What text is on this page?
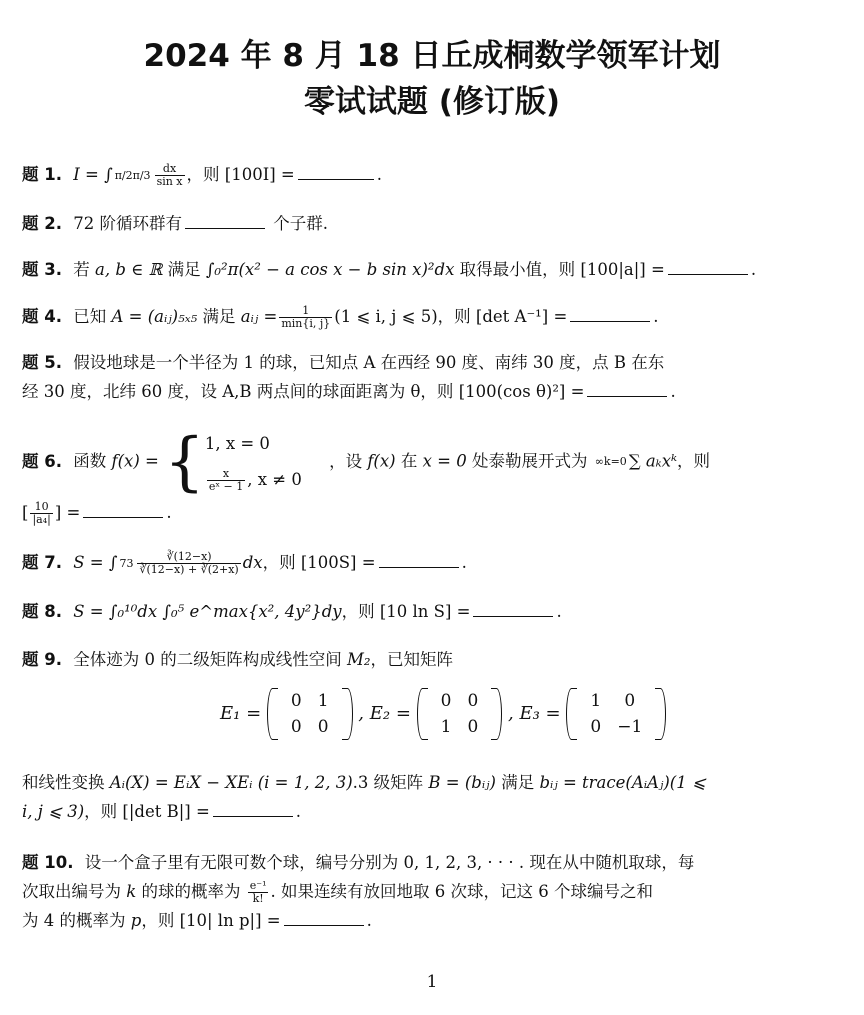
2024 年 8 月 18 日丘成桐数学领军计划
零试试题 (修订版)
题 1. I = ∫ $\pi/2\pi/3 \frac{dx}{\text{sin x}}$ ，则 [100I] =	.
题 2. 72 阶循环群有	个子群.
题 3. 若 a, b ∈ ℝ 满足 ∫₀²π(x² − a cos x − b sin x)²dx 取得最小值，则 [100|a|] =	.
题 4. 已知 A = (aᵢⱼ)₅ₓ₅ 满足 aᵢⱼ = $\frac{1}{\min\{i, j\}} (1$ ⩽ i, j ⩽ 5)，则 [det A⁻¹] =	.
题 5. 假设地球是一个半径为 1 的球，已知点 A 在西经 90 度、南纬 30 度，点 B 在东
经 30 度，北纬 60 度，设 A,B 两点间的球面距离为 θ，则 [100(cos θ)²] =	.
题 6. 函数 f(x) = {1, x = 0

$\frac{x}{\text{eˣ − 1}}$ , x ≠ 0 ，设 f(x) 在 x = 0 处泰勒展开式为 ∞k=0 ∑ aₖxᵏ，则
[ $\frac{10}{\text{|a₄|}}$ ] =	.
题 7. S = ∫ $73 \frac{∛(12-x)}{∛(12-x) + ∛(2+x)}$ dx，则 [100S] =	.
题 8. S = ∫₀¹⁰dx ∫₀⁵ e^max{x², 4y²}dy，则 [10 ln S] =	.
题 9. 全体迹为 0 的二级矩阵构成线性空间 M₂，已知矩阵
E₁ =
0	1
0	0
, E₂ =
0	0
1	0
, E₃ =
1	0
0	−1
和线性变换 Aᵢ(X) = EᵢX − XEᵢ (i = 1, 2, 3).3 级矩阵 B = (bᵢⱼ) 满足 bᵢⱼ = trace(AᵢAⱼ)(1 ⩽
i, j ⩽ 3)，则 [|det B|] =	.
题 10. 设一个盒子里有无限可数个球，编号分别为 0, 1, 2, 3, · · · . 现在从中随机取球，每
次取出编号为 k 的球的概率为 $\frac{\text{e⁻¹}}{k!}$ . 如果连续有放回地取 6 次球，记这 6 个球编号之和
为 4 的概率为 p，则 [10| ln p|] =	.
1
